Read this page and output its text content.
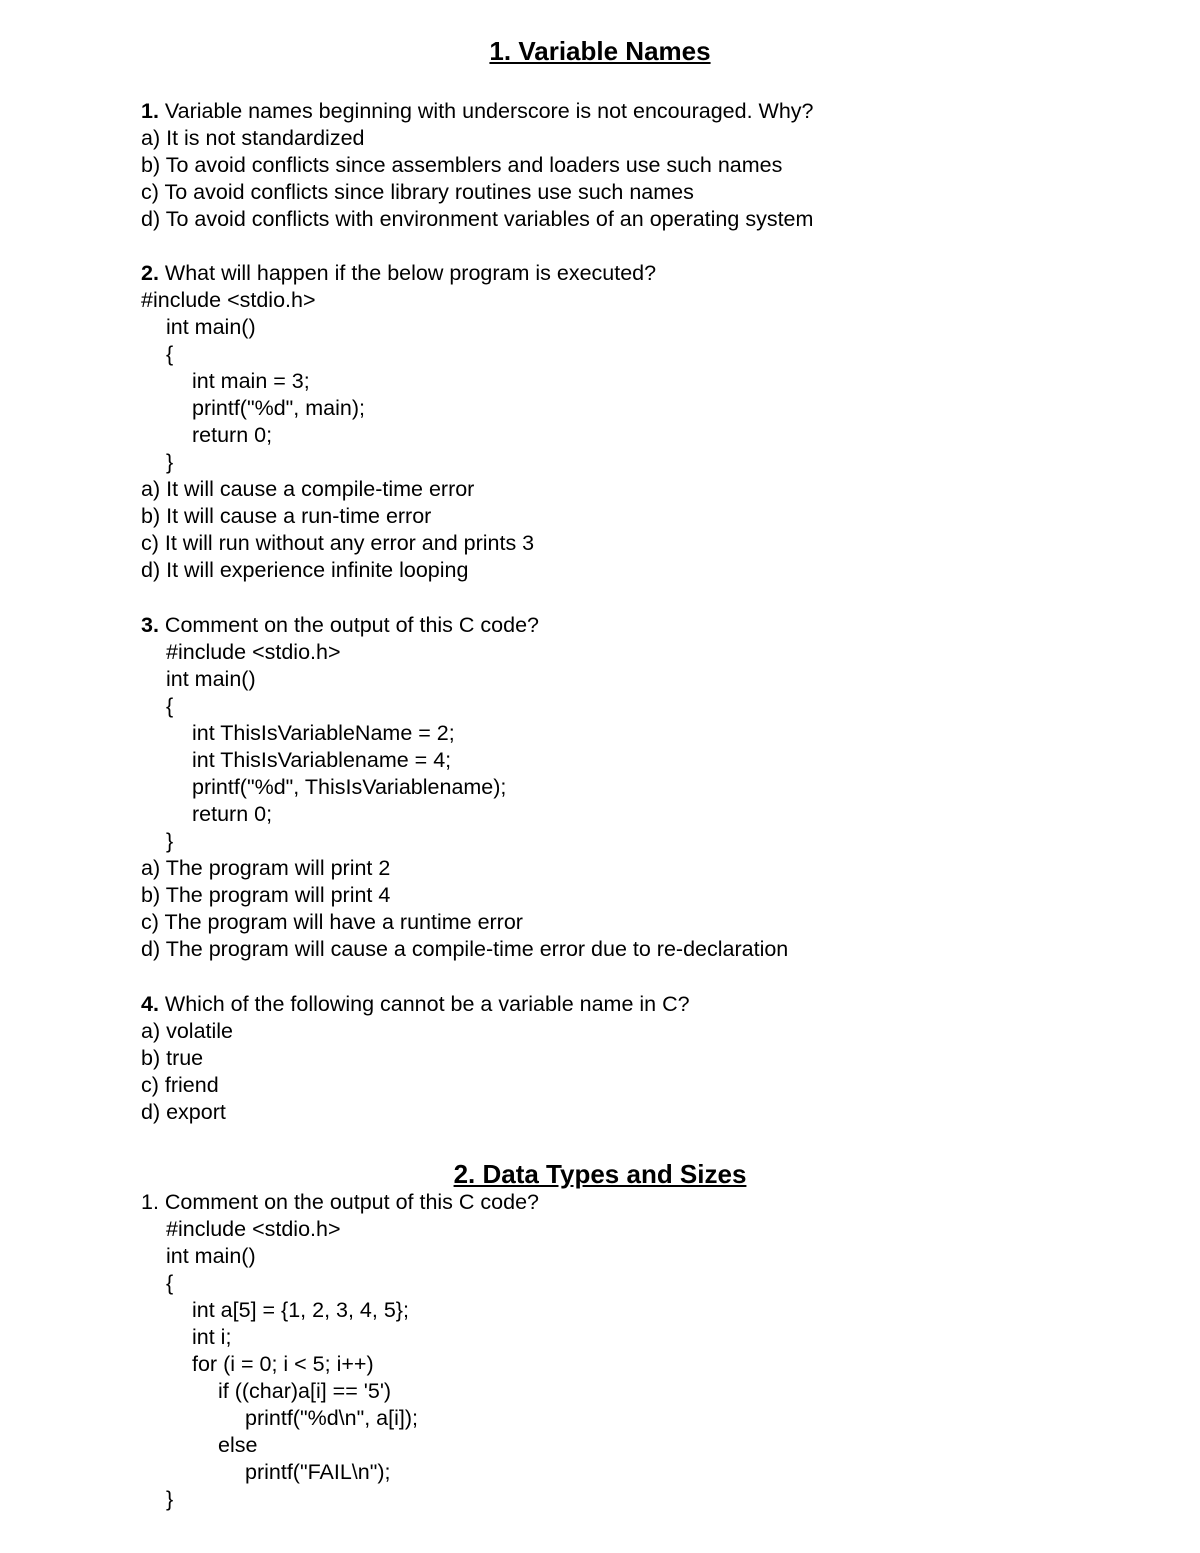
1. Variable Names

1. Variable names beginning with underscore is not encouraged. Why?

a) It is not standardized

b) To avoid conflicts since assemblers and loaders use such names

c) To avoid conflicts since library routines use such names

d) To avoid conflicts with environment variables of an operating system

2. What will happen if the below program is executed?

#include <stdio.h>

int main()

{

int main = 3;

printf("%d", main);

return 0;

}

a) It will cause a compile-time error

b) It will cause a run-time error

c) It will run without any error and prints 3

d) It will experience infinite looping

3. Comment on the output of this C code?

#include <stdio.h>

int main()

{

int ThisIsVariableName = 2;

int ThisIsVariablename = 4;

printf("%d", ThisIsVariablename);

return 0;

}

a) The program will print 2

b) The program will print 4

c) The program will have a runtime error

d) The program will cause a compile-time error due to re-declaration

4. Which of the following cannot be a variable name in C?

a) volatile

b) true

c) friend

d) export

2. Data Types and Sizes

1. Comment on the output of this C code?

#include <stdio.h>

int main()

{

int a[5] = {1, 2, 3, 4, 5};

int i;

for (i = 0; i < 5; i++)

if ((char)a[i] == '5')

printf("%d\n", a[i]);

else

printf("FAIL\n");

}
